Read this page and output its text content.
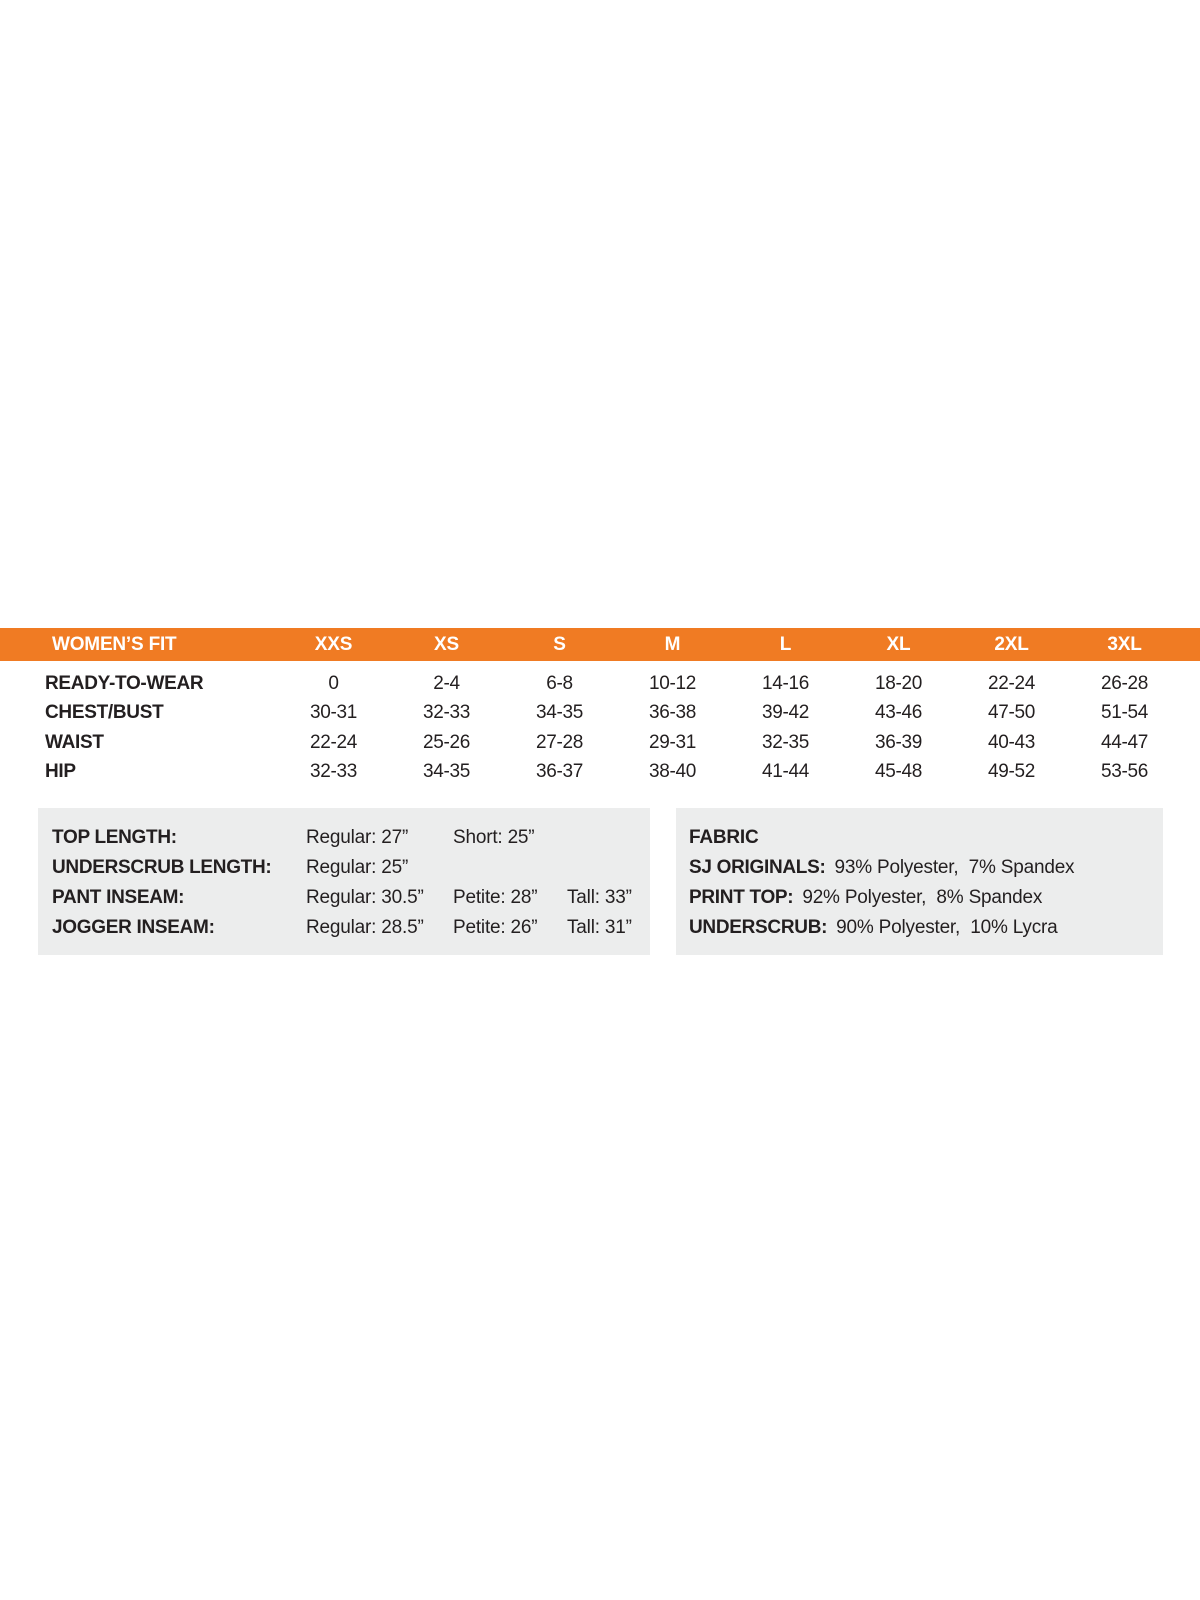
WOMEN’S FIT	XXS	XS	S	M	L	XL	2XL	3XL
READY-TO-WEAR	0	2-4	6-8	10-12	14-16	18-20	22-24	26-28
CHEST/BUST	30-31	32-33	34-35	36-38	39-42	43-46	47-50	51-54
WAIST	22-24	25-26	27-28	29-31	32-35	36-39	40-43	44-47
HIP	32-33	34-35	36-37	38-40	41-44	45-48	49-52	53-56
TOP LENGTH:	Regular: 27”	Short: 25”
UNDERSCRUB LENGTH:	Regular: 25”
PANT INSEAM:	Regular: 30.5”	Petite: 28”	Tall: 33”
JOGGER INSEAM:	Regular: 28.5”	Petite: 26”	Tall: 31”
FABRIC
SJ ORIGINALS: 93% Polyester,  7% Spandex
PRINT TOP: 92% Polyester,  8% Spandex
UNDERSCRUB: 90% Polyester,  10% Lycra
